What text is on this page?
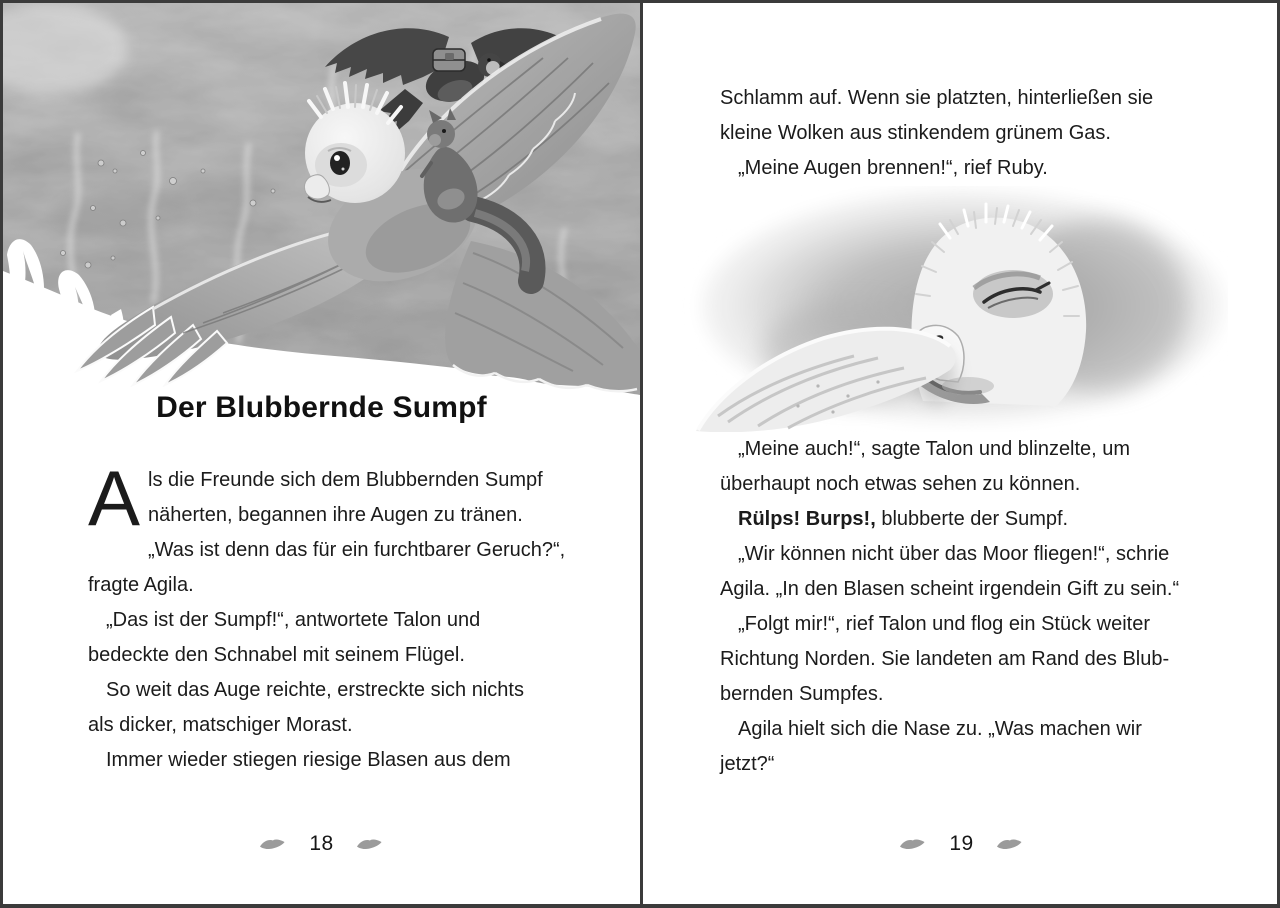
Der Blubbernde Sumpf
A ls die Freunde sich dem Blubbernden Sumpf
näherten, begannen ihre Augen zu tränen.
„Was ist denn das für ein furchtbarer Geruch?“,
fragte Agila.
„Das ist der Sumpf!“, antwortete Talon und
bedeckte den Schnabel mit seinem Flügel.
So weit das Auge reichte, erstreckte sich nichts
als dicker, matschiger Morast.
Immer wieder stiegen riesige Blasen aus dem
18
Schlamm auf. Wenn sie platzten, hinterließen sie
kleine Wolken aus stinkendem grünem Gas.
„Meine Augen brennen!“, rief Ruby.
„Meine auch!“, sagte Talon und blinzelte, um
überhaupt noch etwas sehen zu können.
Rülps! Burps!, blubberte der Sumpf.
„Wir können nicht über das Moor fliegen!“, schrie
Agila. „In den Blasen scheint irgendein Gift zu sein.“
„Folgt mir!“, rief Talon und flog ein Stück weiter
Richtung Norden. Sie landeten am Rand des Blub-
bernden Sumpfes.
Agila hielt sich die Nase zu. „Was machen wir
jetzt?“
19
